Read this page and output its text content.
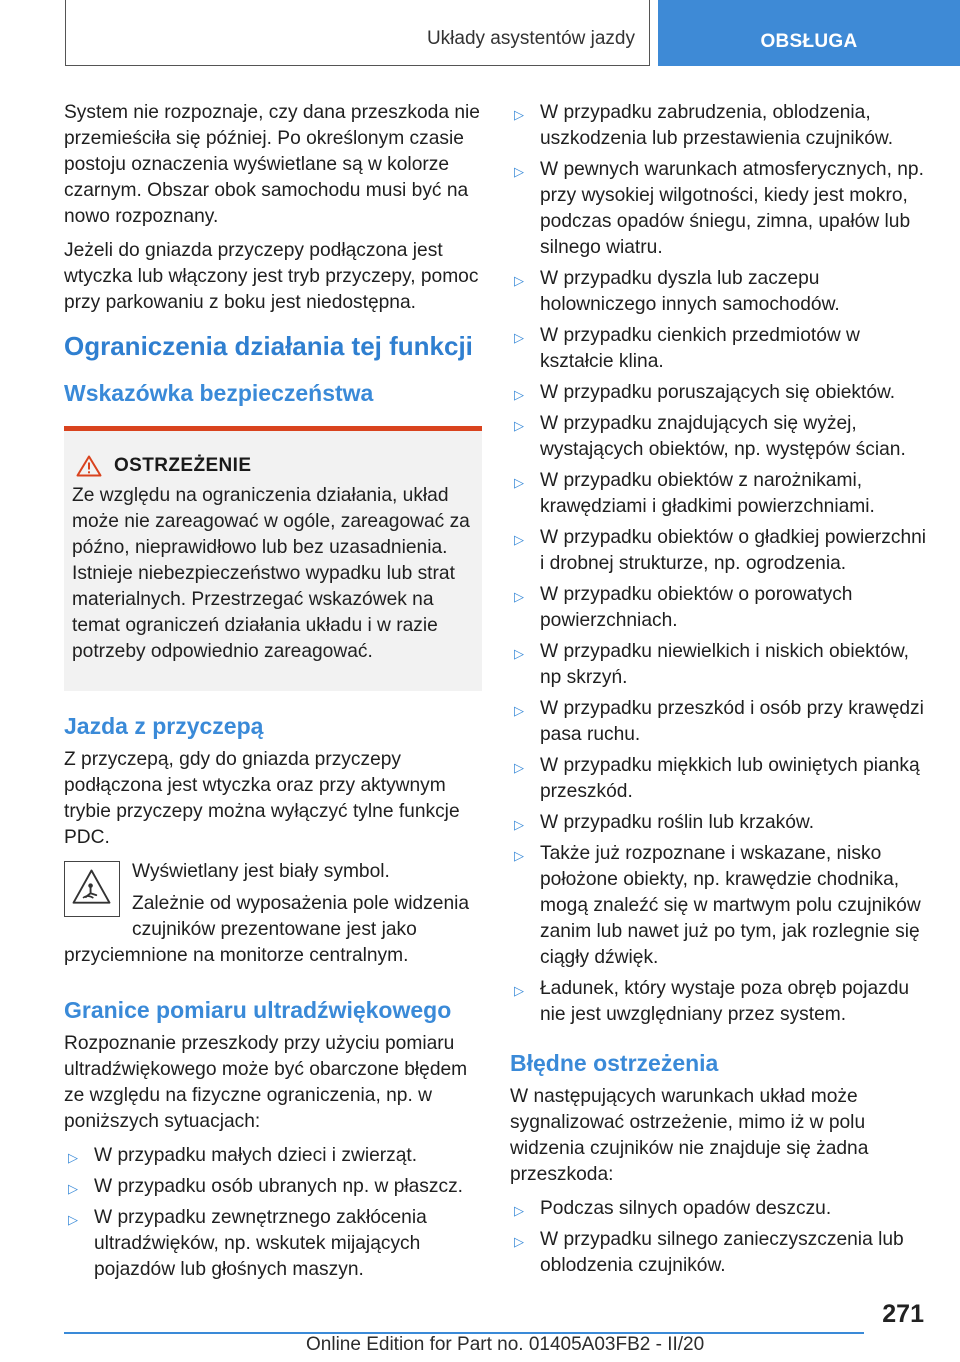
Układy asystentów jazdy	OBSŁUGA

System nie rozpoznaje, czy dana przeszkoda nie przemieściła się później. Po określonym czasie postoju oznaczenia wyświetlane są w kolorze czarnym. Obszar obok samochodu musi być na nowo rozpoznany.

Jeżeli do gniazda przyczepy podłączona jest wtyczka lub włączony jest tryb przyczepy, pomoc przy parkowaniu z boku jest niedostępna.

Ograniczenia działania tej funkcji
Wskazówka bezpieczeństwa
OSTRZEŻENIE

Ze względu na ograniczenia działania, układ może nie zareagować w ogóle, zareagować za późno, nieprawidłowo lub bez uzasadnienia. Istnieje niebezpieczeństwo wypadku lub strat materialnych. Przestrzegać wskazówek na temat ograniczeń działania układu i w razie potrzeby odpowiednio zareagować.

Jazda z przyczepą

Z przyczepą, gdy do gniazda przyczepy podłączona jest wtyczka oraz przy aktywnym trybie przyczepy można wyłączyć tylne funkcje PDC.

Wyświetlany jest biały symbol.

Zależnie od wyposażenia pole widzenia czujników prezentowane jest jako przyciemnione na monitorze centralnym.

Granice pomiaru ultradźwiękowego

Rozpoznanie przeszkody przy użyciu pomiaru ultradźwiękowego może być obarczone błędem ze względu na fizyczne ograniczenia, np. w poniższych sytuacjach:

▷ W przypadku małych dzieci i zwierząt.
▷ W przypadku osób ubranych np. w płaszcz.
▷ W przypadku zewnętrznego zakłócenia ultradźwięków, np. wskutek mijających pojazdów lub głośnych maszyn.
▷ W przypadku zabrudzenia, oblodzenia, uszkodzenia lub przestawienia czujników.
▷ W pewnych warunkach atmosferycznych, np. przy wysokiej wilgotności, kiedy jest mokro, podczas opadów śniegu, zimna, upałów lub silnego wiatru.
▷ W przypadku dyszla lub zaczepu holowniczego innych samochodów.
▷ W przypadku cienkich przedmiotów w kształcie klina.
▷ W przypadku poruszających się obiektów.
▷ W przypadku znajdujących się wyżej, wystających obiektów, np. występów ścian.
▷ W przypadku obiektów z narożnikami, krawędziami i gładkimi powierzchniami.
▷ W przypadku obiektów o gładkiej powierzchni i drobnej strukturze, np. ogrodzenia.
▷ W przypadku obiektów o porowatych powierzchniach.
▷ W przypadku niewielkich i niskich obiektów, np skrzyń.
▷ W przypadku przeszkód i osób przy krawędzi pasa ruchu.
▷ W przypadku miękkich lub owiniętych pianką przeszkód.
▷ W przypadku roślin lub krzaków.
▷ Także już rozpoznane i wskazane, nisko położone obiekty, np. krawędzie chodnika, mogą znaleźć się w martwym polu czujników zanim lub nawet już po tym, jak rozlegnie się ciągły dźwięk.
▷ Ładunek, który wystaje poza obręb pojazdu nie jest uwzględniany przez system.
Błędne ostrzeżenia

W następujących warunkach układ może sygnalizować ostrzeżenie, mimo iż w polu widzenia czujników nie znajduje się żadna przeszkoda:

▷ Podczas silnych opadów deszczu.
▷ W przypadku silnego zanieczyszczenia lub oblodzenia czujników.
271
Online Edition for Part no. 01405A03FB2 - II/20
